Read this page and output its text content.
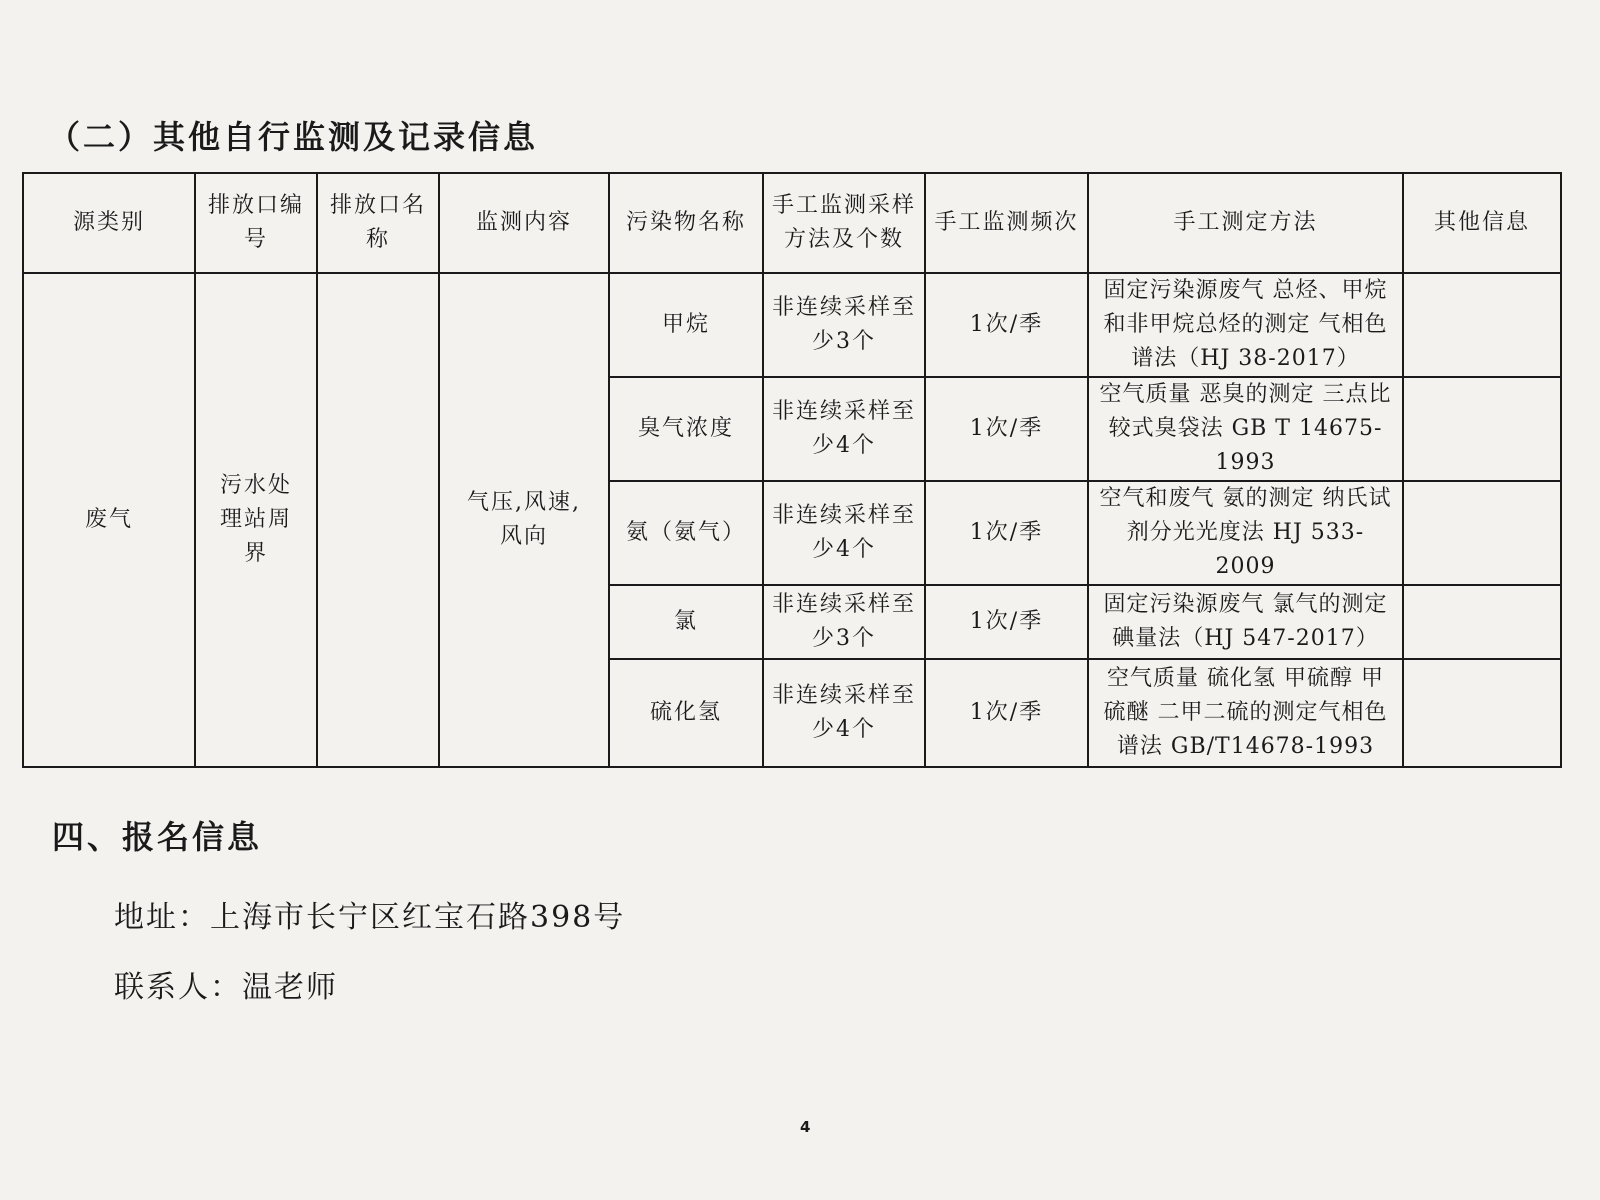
（二）其他自行监测及记录信息
源类别	排放口编号	排放口名称	监测内容	污染物名称	手工监测采样方法及个数	手工监测频次	手工测定方法	其他信息
废气	污水处理站周界		气压,风速,风向	甲烷	非连续采样至少3个	1次/季	固定污染源废气 总烃、甲烷和非甲烷总烃的测定 气相色谱法（HJ 38-2017）	
				臭气浓度	非连续采样至少4个	1次/季	空气质量 恶臭的测定 三点比较式臭袋法 GB T 14675-1993	
				氨（氨气）	非连续采样至少4个	1次/季	空气和废气 氨的测定 纳氏试剂分光光度法 HJ 533-2009	
				氯	非连续采样至少3个	1次/季	固定污染源废气 氯气的测定 碘量法（HJ 547-2017）	
				硫化氢	非连续采样至少4个	1次/季	空气质量 硫化氢 甲硫醇 甲硫醚 二甲二硫的测定气相色谱法 GB/T14678-1993	
四、报名信息
地址：上海市长宁区红宝石路398号
联系人：温老师
4
